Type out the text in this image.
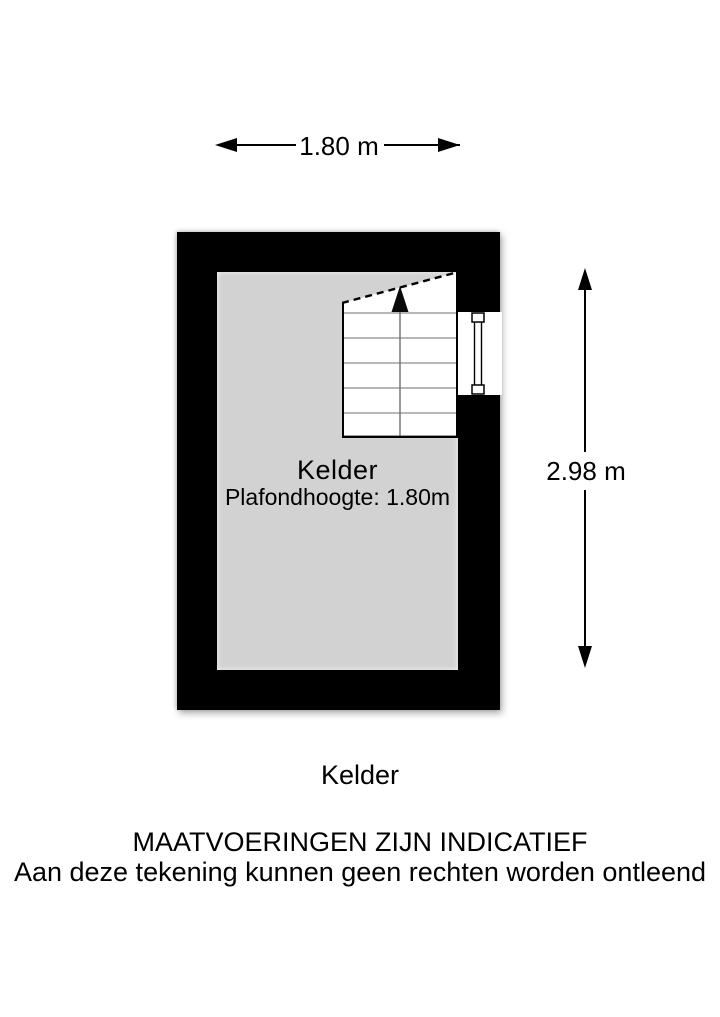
1.80 m
Kelder
Plafondhoogte: 1.80m
2.98 m
Kelder
MAATVOERINGEN ZIJN INDICATIEF
Aan deze tekening kunnen geen rechten worden ontleend
